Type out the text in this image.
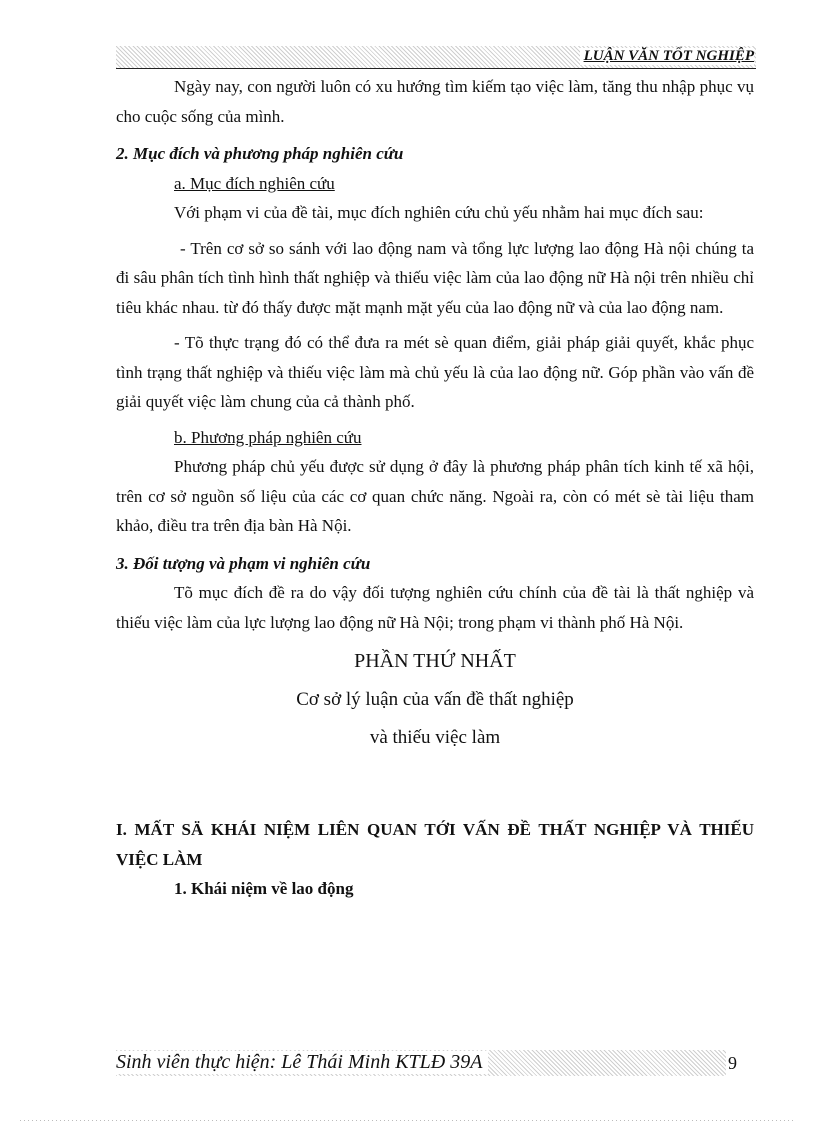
LUẬN VĂN TỐT NGHIỆP

Ngày nay, con người luôn có xu hướng tìm kiếm tạo việc làm, tăng thu nhập phục vụ cho cuộc sống của mình.

2. Mục đích và phương pháp nghiên cứu

a. Mục đích nghiên cứu

Với phạm vi của đề tài, mục đích nghiên cứu chủ yếu nhằm hai mục đích sau:

- Trên cơ sở so sánh với lao động nam và tổng lực lượng lao động Hà nội chúng ta đi sâu phân tích tình hình thất nghiệp và thiếu việc làm của lao động nữ Hà nội trên nhiều chỉ tiêu khác nhau. từ đó thấy được mặt mạnh mặt yếu của lao động nữ và của lao động nam.

- Tõ thực trạng đó có thể đưa ra mét sè quan điểm, giải pháp giải quyết, khắc phục tình trạng thất nghiệp và thiếu việc làm mà chủ yếu là của lao động nữ. Góp phần vào vấn đề giải quyết việc làm chung của cả thành phố.

b. Phương pháp nghiên cứu

Phương pháp chủ yếu được sử dụng ở đây là phương pháp phân tích kinh tế xã hội, trên cơ sở nguồn số liệu của các cơ quan chức năng. Ngoài ra, còn có mét sè tài liệu tham khảo, điều tra trên địa bàn Hà Nội.

3. Đối tượng và phạm vi nghiên cứu

Tõ mục đích đề ra do vậy đối tượng nghiên cứu chính của đề tài là thất nghiệp và thiếu việc làm của lực lượng lao động nữ Hà Nội; trong phạm vi thành phố Hà Nội.

PHẦN THỨ NHẤT

Cơ sở lý luận của vấn đề thất nghiệp

và thiếu việc làm

I. MẤT SÄ KHÁI NIỆM LIÊN QUAN TỚI VẤN ĐỀ THẤT NGHIỆP VÀ THIẾU VIỆC LÀM

1. Khái niệm về lao động

Sinh viên thực hiện: Lê Thái Minh KTLĐ 39A	9
